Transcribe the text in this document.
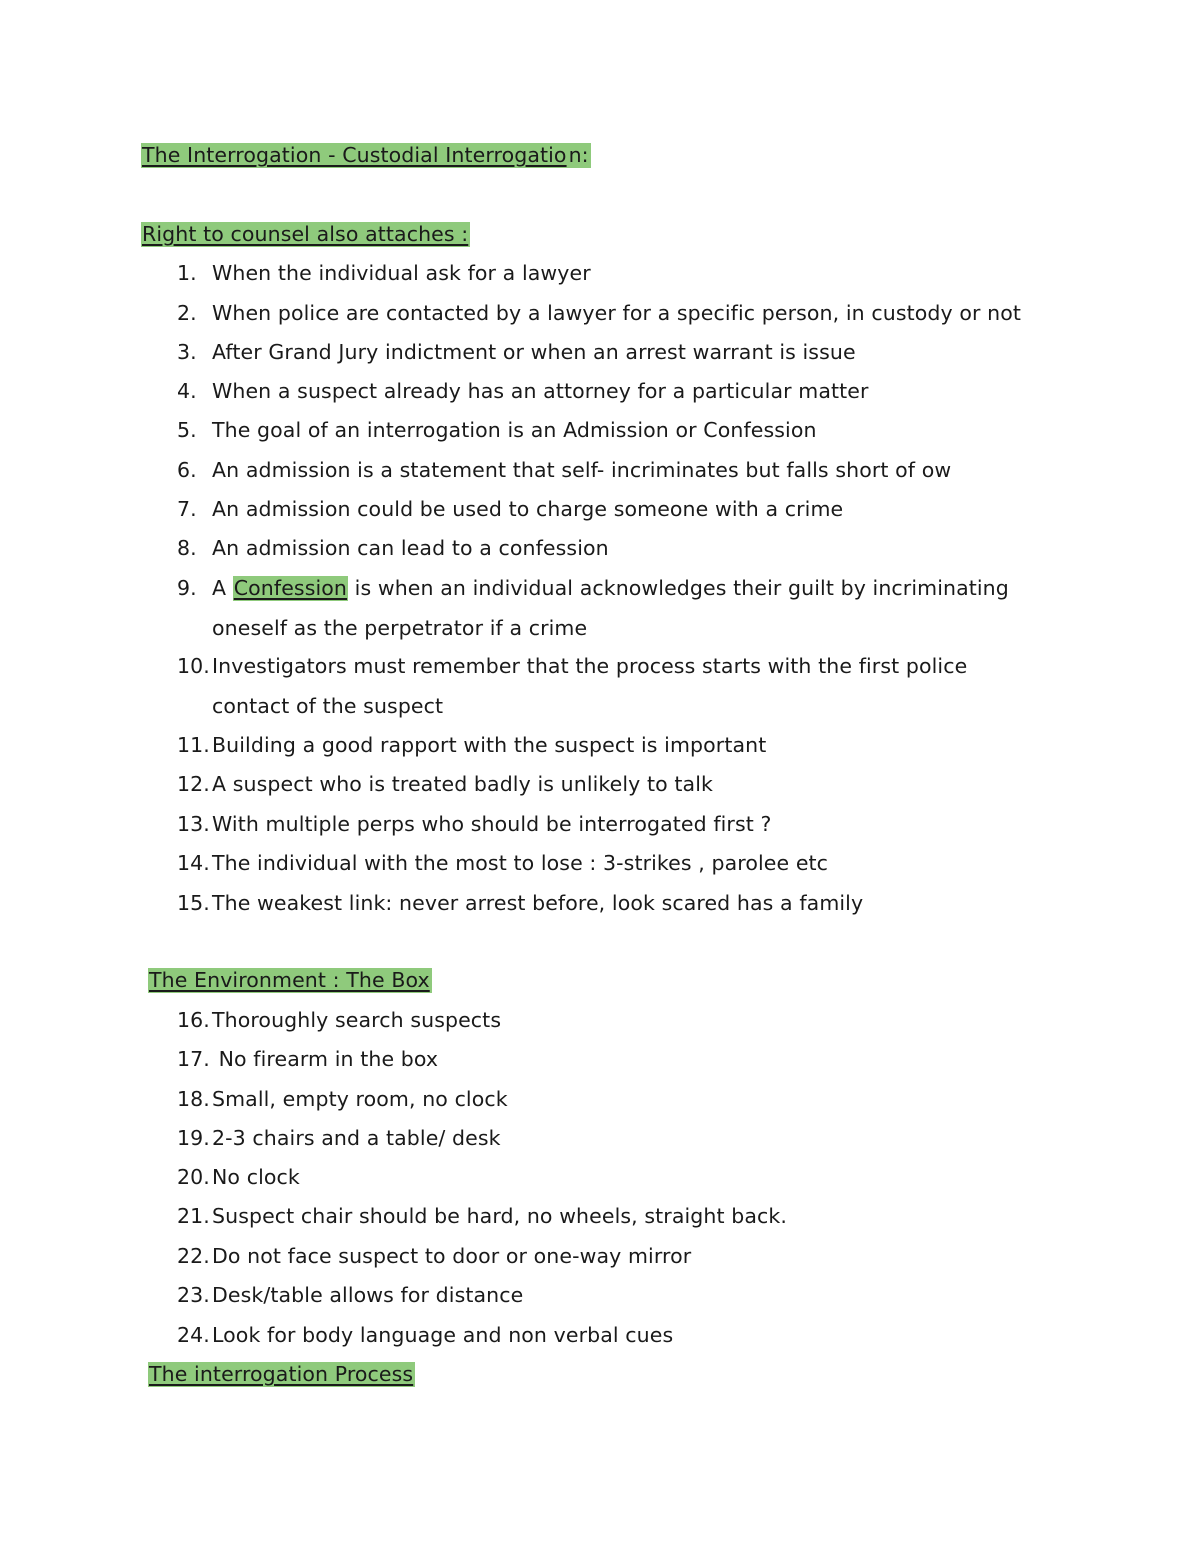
The Interrogation - Custodial Interrogation:
Right to counsel also attaches :
1. When the individual ask for a lawyer
2. When police are contacted by a lawyer for a specific person, in custody or not
3. After Grand Jury indictment or when an arrest warrant is issue
4. When a suspect already has an attorney for a particular matter
5. The goal of an interrogation is an Admission or Confession
6. An admission is a statement that self- incriminates but falls short of ow
7. An admission could be used to charge someone with a crime
8. An admission can lead to a confession
9. A Confession is when an individual acknowledges their guilt by incriminating
oneself as the perpetrator if a crime
10. Investigators must remember that the process starts with the first police
contact of the suspect
11. Building a good rapport with the suspect is important
12. A suspect who is treated badly is unlikely to talk
13. With multiple perps who should be interrogated first ?
14. The individual with the most to lose : 3-strikes , parolee etc
15. The weakest link: never arrest before, look scared has a family
The Environment : The Box
16. Thoroughly search suspects
17. No firearm in the box
18. Small, empty room, no clock
19. 2-3 chairs and a table/ desk
20. No clock
21. Suspect chair should be hard, no wheels, straight back.
22. Do not face suspect to door or one-way mirror
23. Desk/table allows for distance
24. Look for body language and non verbal cues
The interrogation Process
